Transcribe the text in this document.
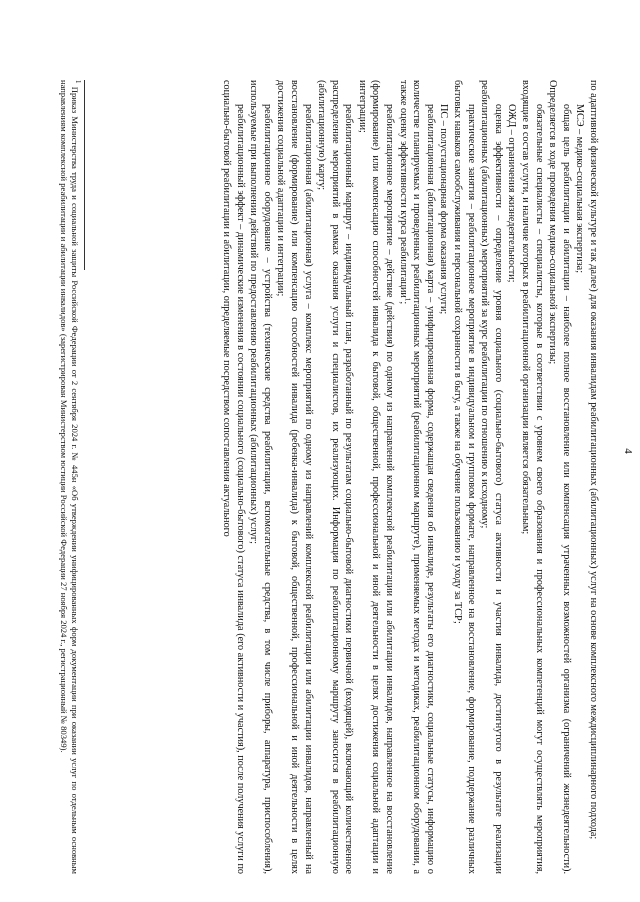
4

по адаптивной физической культуре и так далее) для оказания инвалидам реабилитационных (абилитационных) услуг на основе комплексного междисциплинарного подхода;

МСЭ – медико-социальная экспертиза;

общая цель реабилитации и абилитации – наиболее полное восстановление или компенсация утраченных возможностей организма (ограничений жизнедеятельности). Определяется в ходе проведения медико-социальной экспертизы;

обязательные специалисты – специалисты, которые в соответствии с уровнем своего образования и профессиональных компетенций могут осуществлять мероприятия, входящие в состав услуги, и наличие которых в реабилитационной организации является обязательным;

ОЖД – ограничения жизнедеятельности;

оценка эффективности – определение уровня социального (социально-бытового) статуса активности и участия инвалида, достигнутого в результате реализации реабилитационных (абилитационных) мероприятий за курс реабилитации по отношению к исходному;

практические занятия – реабилитационное мероприятие в индивидуальном и групповом формате, направленное на восстановление, формирование, поддержание различных бытовых навыков самообслуживания и персональной сохранности в быту, а также на обучение пользованию и уходу за ТСР;

ПС – полустационарная форма оказания услуги;

реабилитационная (абилитационная) карта – унифицированная форма, содержащая сведения об инвалиде, результаты его диагностики, социальные статусы, информацию о количестве планируемых и проведенных реабилитационных мероприятий (реабилитационном маршруте), применяемых методах и методиках, реабилитационном оборудовании, а также оценку эффективности курса реабилитации$^1$;

реабилитационное мероприятие – действие (действия) по одному из направлений комплексной реабилитации или абилитации инвалидов, направленное на восстановление (формирование) или компенсацию способностей инвалида к бытовой, общественной, профессиональной и иной деятельности в целях достижения социальной адаптации и интеграции;

реабилитационный маршрут – индивидуальный план, разработанный по результатам социально-бытовой диагностики первичной (входящей), включающий количественное распределение мероприятий в рамках оказания услуги и специалистов, их реализующих. Информация по реабилитационному маршруту заносится в реабилитационную (абилитационную) карту;

реабилитационная (абилитационная) услуга – комплекс мероприятий по одному из направлений комплексной реабилитации или абилитации инвалидов, направленный на восстановление (формирование) или компенсацию способностей инвалида (ребенка-инвалида) к бытовой, общественной, профессиональной и иной деятельности в целях достижения социальной адаптации и интеграции;

реабилитационное оборудование – устройства (технические средства реабилитации, вспомогательные средства, в том числе приборы, аппаратура, приспособления), используемые при выполнении действий по предоставлению реабилитационных (абилитационных) услуг;

реабилитационный эффект – динамические изменения в состоянии социального (социально-бытового) статуса инвалида (его активности и участия), после получения услуги по социально-бытовой реабилитации и абилитации, определяемые посредством сопоставления актуального

$^1$ Приказ Министерства труда и социальной защиты Российской Федерации от 2 сентября 2024 г. № 445н «Об утверждении унифицированных форм документации при оказании услуг по отдельным основным направлениям комплексной реабилитации и абилитации инвалидов» (зарегистрирован Министерством юстиции Российской Федерации 27 ноября 2024 г., регистрационный № 80349).
